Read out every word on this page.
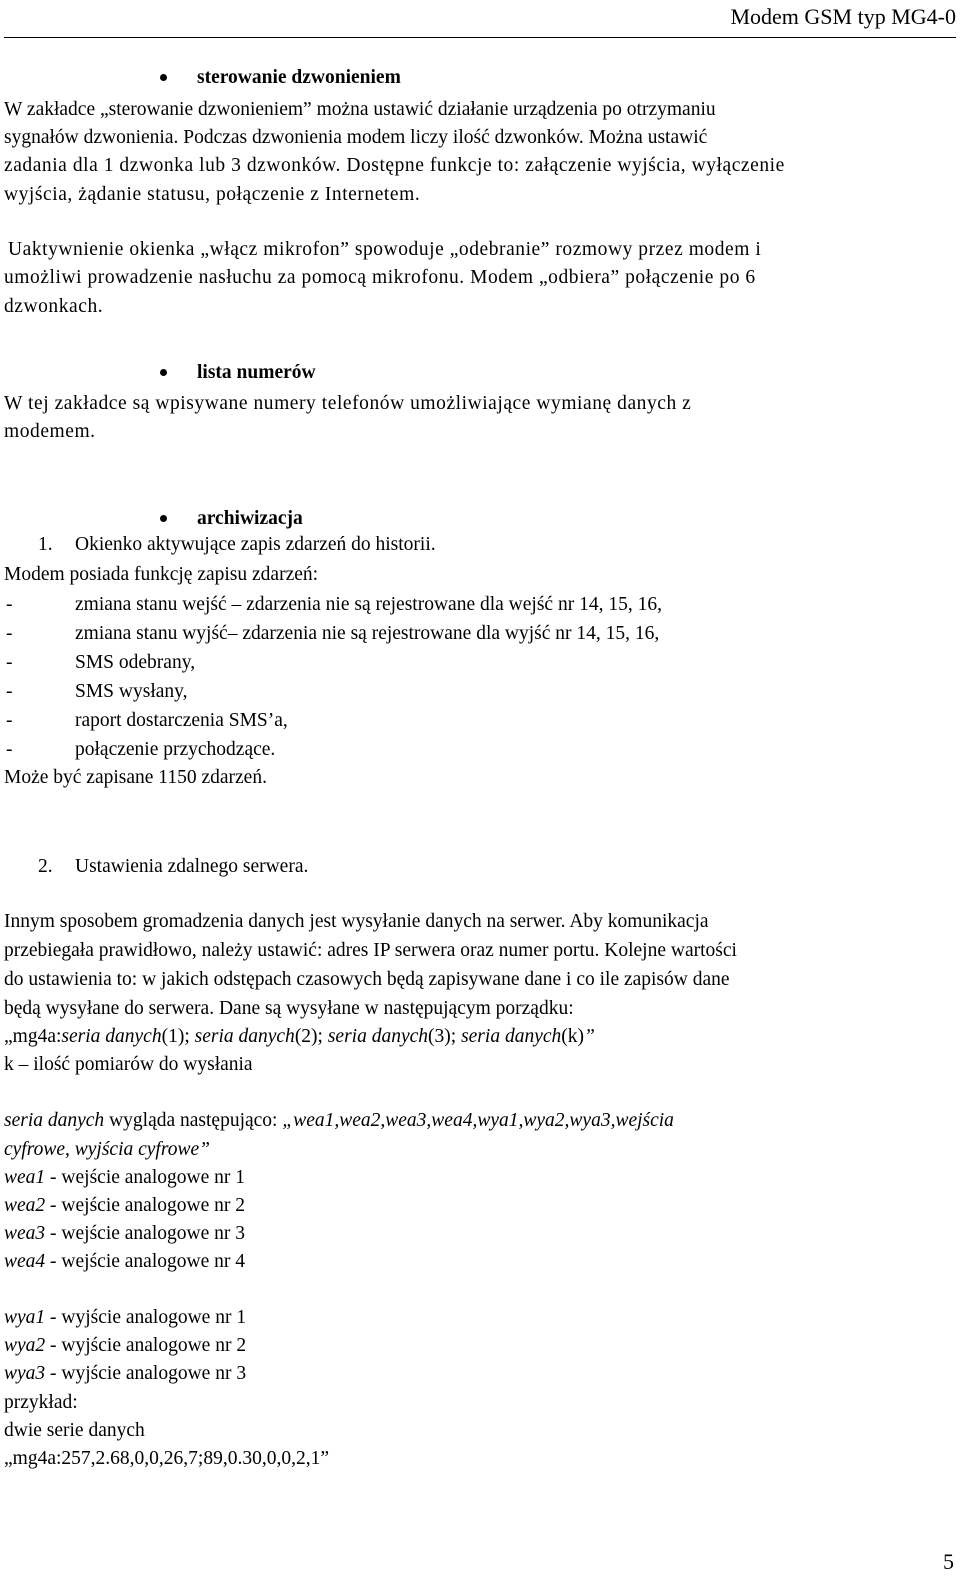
Modem GSM typ MG4-0
sterowanie dzwonieniem
W zakładce „sterowanie dzwonieniem” można ustawić działanie urządzenia po otrzymaniu
sygnałów dzwonienia. Podczas dzwonienia modem liczy ilość dzwonków. Można ustawić
zadania dla 1 dzwonka lub 3 dzwonków. Dostępne funkcje to: załączenie wyjścia, wyłączenie
wyjścia, żądanie statusu, połączenie z Internetem.
Uaktywnienie okienka „włącz mikrofon” spowoduje „odebranie” rozmowy przez modem i
umożliwi prowadzenie nasłuchu za pomocą mikrofonu. Modem „odbiera” połączenie po 6
dzwonkach.
lista numerów
W tej zakładce są wpisywane numery telefonów umożliwiające wymianę danych z
modemem.
archiwizacja
1. Okienko aktywujące zapis zdarzeń do historii.
Modem posiada funkcję zapisu zdarzeń:
-	zmiana stanu wejść – zdarzenia nie są rejestrowane dla wejść nr 14, 15, 16,
-	zmiana stanu wyjść– zdarzenia nie są rejestrowane dla wyjść nr 14, 15, 16,
-	SMS odebrany,
-	SMS wysłany,
-	raport dostarczenia SMS’a,
-	połączenie przychodzące.
Może być zapisane 1150 zdarzeń.
2. Ustawienia zdalnego serwera.
Innym sposobem gromadzenia danych jest wysyłanie danych na serwer. Aby komunikacja
przebiegała prawidłowo, należy ustawić: adres IP serwera oraz numer portu. Kolejne wartości
do ustawienia to: w jakich odstępach czasowych będą zapisywane dane i co ile zapisów dane
będą wysyłane do serwera. Dane są wysyłane w następującym porządku:
„mg4a:seria danych(1); seria danych(2); seria danych(3); seria danych(k)”
k – ilość pomiarów do wysłania
seria danych wygląda następująco: „wea1,wea2,wea3,wea4,wya1,wya2,wya3,wejścia
cyfrowe, wyjścia cyfrowe”
wea1 - wejście analogowe nr 1
wea2 - wejście analogowe nr 2
wea3 - wejście analogowe nr 3
wea4 - wejście analogowe nr 4
wya1 - wyjście analogowe nr 1
wya2 - wyjście analogowe nr 2
wya3 - wyjście analogowe nr 3
przykład:
dwie serie danych
„mg4a:257,2.68,0,0,26,7;89,0.30,0,0,2,1”
5
